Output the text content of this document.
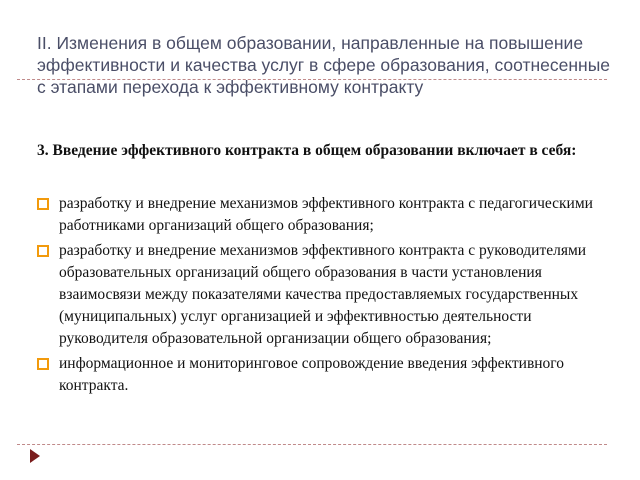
II. Изменения в общем образовании, направленные на повышение эффективности и качества услуг в сфере образования, соотнесенные с этапами перехода к эффективному контракту

3. Введение эффективного контракта в общем образовании включает в себя:

разработку и внедрение механизмов эффективного контракта с педагогическими работниками организаций общего образования;
разработку и внедрение механизмов эффективного контракта с руководителями образовательных организаций общего образования в части установления взаимосвязи между показателями качества предоставляемых государственных (муниципальных) услуг организацией и эффективностью деятельности руководителя образовательной организации общего образования;
информационное и мониторинговое сопровождение введения эффективного контракта.
